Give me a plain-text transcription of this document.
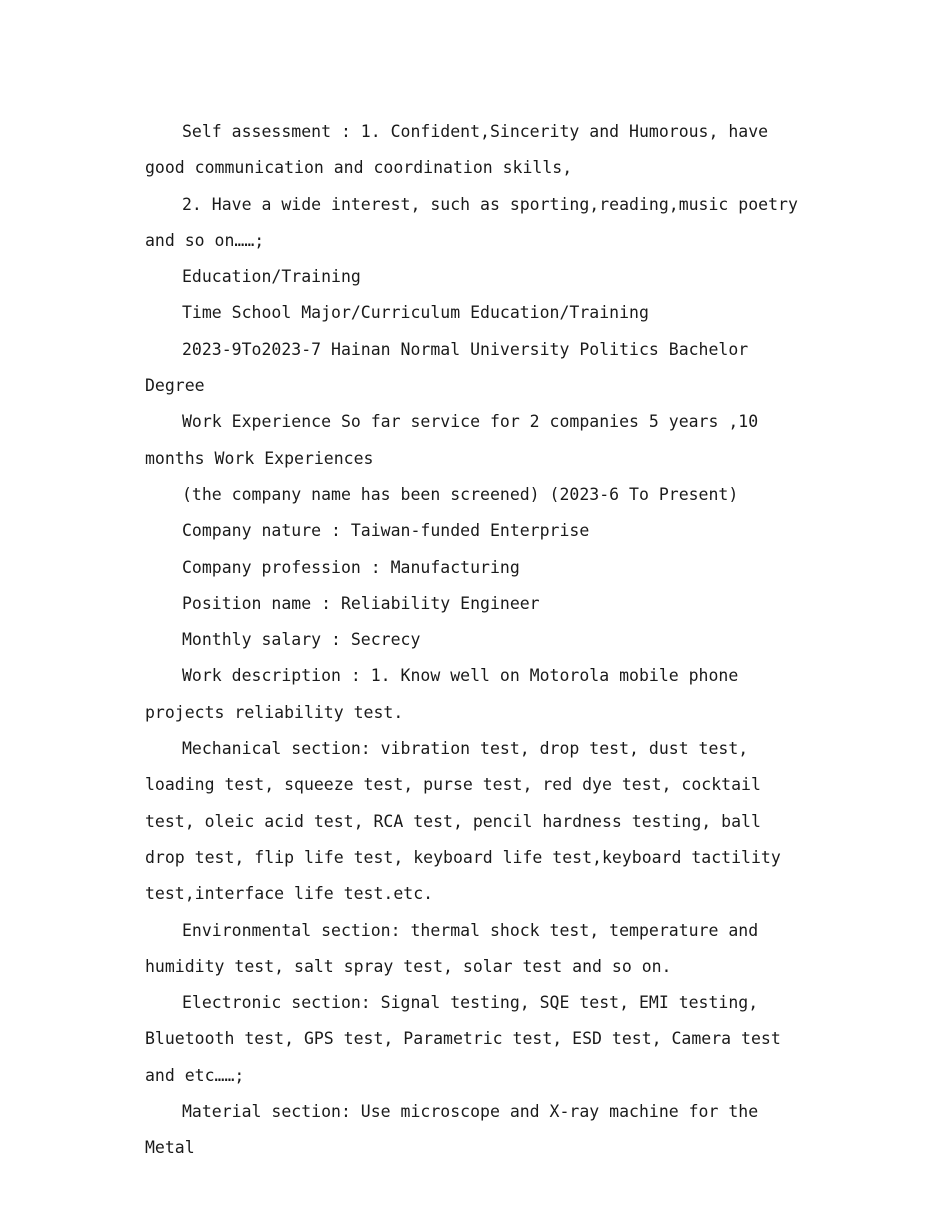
Self assessment : 1. Confident,Sincerity and Humorous, have good communication and coordination skills,

2. Have a wide interest, such as sporting,reading,music poetry and so on……;

Education/Training

Time School Major/Curriculum Education/Training

2023-9To2023-7 Hainan Normal University Politics Bachelor Degree

Work Experience So far service for 2 companies 5 years ,10 months Work Experiences

(the company name has been screened) (2023-6 To Present)

Company nature : Taiwan-funded Enterprise

Company profession : Manufacturing

Position name : Reliability Engineer

Monthly salary : Secrecy

Work description : 1. Know well on Motorola mobile phone projects reliability test.

Mechanical section: vibration test, drop test, dust test, loading test, squeeze test, purse test, red dye test, cocktail test, oleic acid test, RCA test, pencil hardness testing, ball drop test, flip life test, keyboard life test,keyboard tactility test,interface life test.etc.

Environmental section: thermal shock test, temperature and humidity test, salt spray test, solar test and so on.

Electronic section: Signal testing, SQE test, EMI testing, Bluetooth test, GPS test, Parametric test, ESD test, Camera test and etc……;

Material section: Use microscope and X-ray machine for the Metal
